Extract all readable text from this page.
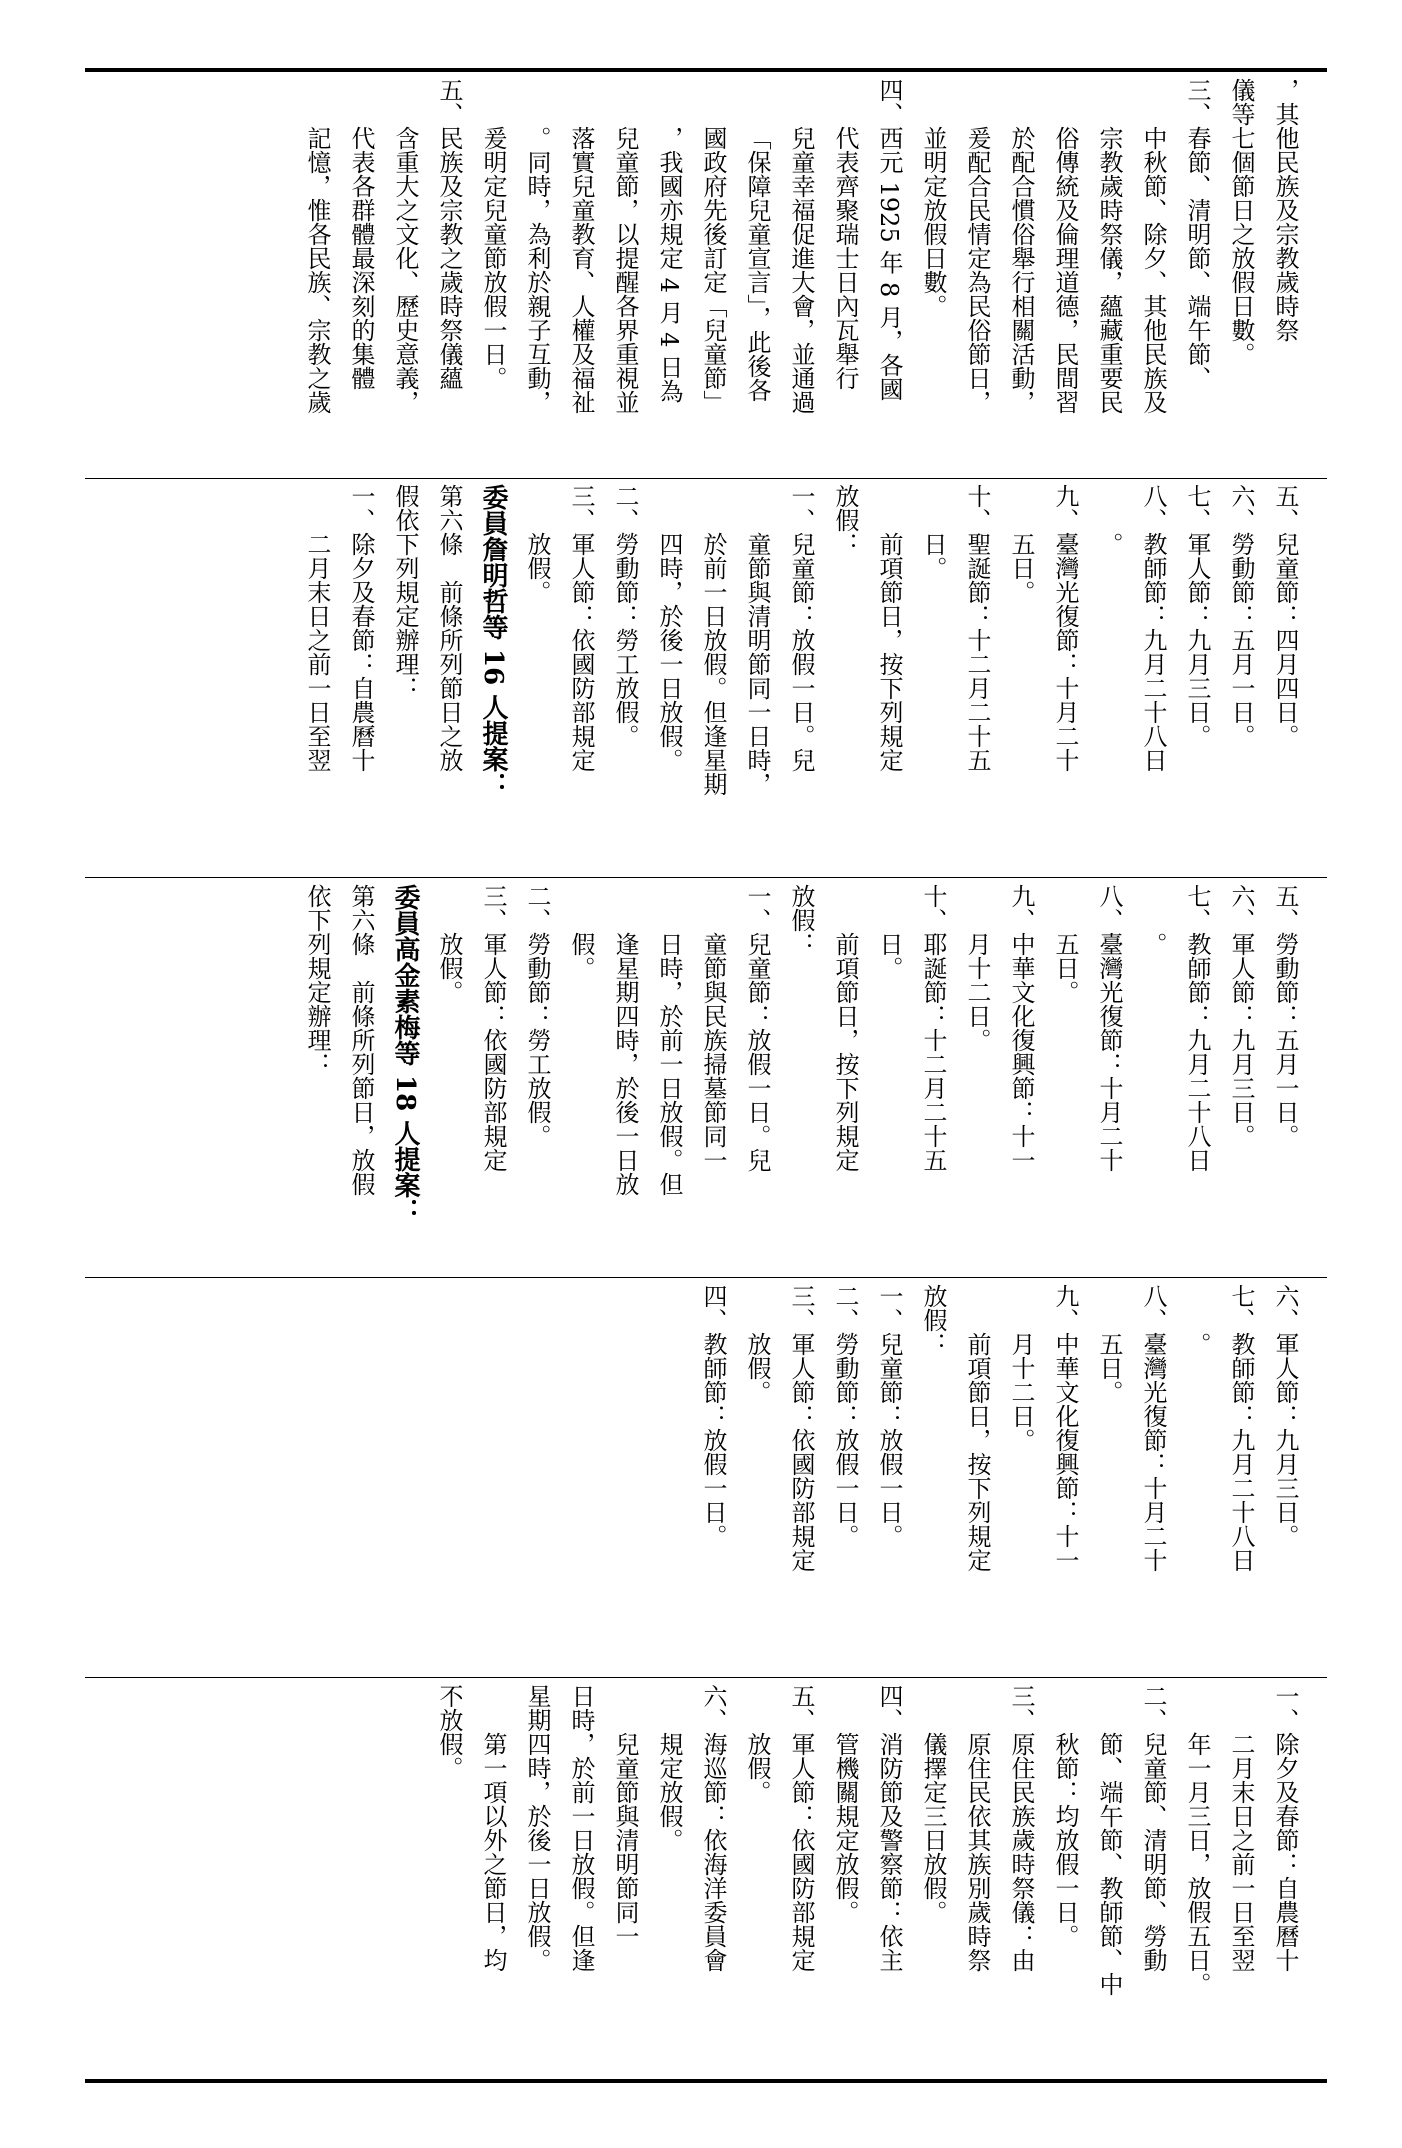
，其他民族及宗教歲時祭

儀等七個節日之放假日數。

三、春節、清明節、端午節、

中秋節、除夕、其他民族及

宗教歲時祭儀，蘊藏重要民

俗傳統及倫理道德，民間習

於配合慣俗舉行相關活動，

爰配合民情定為民俗節日，

並明定放假日數。

四、西元 1925 年 8 月，各國

代表齊聚瑞士日內瓦舉行

兒童幸福促進大會，並通過

「保障兒童宣言」，此後各

國政府先後訂定「兒童節」

，我國亦規定 4 月 4 日為

兒童節，以提醒各界重視並

落實兒童教育、人權及福祉

。同時，為利於親子互動，

爰明定兒童節放假一日。

五、民族及宗教之歲時祭儀蘊

含重大之文化、歷史意義，

代表各群體最深刻的集體

記憶，惟各民族、宗教之歲

五、兒童節：四月四日。

六、勞動節：五月一日。

七、軍人節：九月三日。

八、教師節：九月二十八日

。

九、臺灣光復節：十月二十

五日。

十、聖誕節：十二月二十五

日。

前項節日，按下列規定

放假：

一、兒童節：放假一日。兒

童節與清明節同一日時，

於前一日放假。但逢星期

四時，於後一日放假。

二、勞動節：勞工放假。

三、軍人節：依國防部規定

放假。

委員詹明哲等 16 人提案：

第六條　前條所列節日之放

假依下列規定辦理：

一、除夕及春節：自農曆十

二月末日之前一日至翌

五、勞動節：五月一日。

六、軍人節：九月三日。

七、教師節：九月二十八日

。

八、臺灣光復節：十月二十

五日。

九、中華文化復興節：十一

月十二日。

十、耶誕節：十二月二十五

日。

前項節日，按下列規定

放假：

一、兒童節：放假一日。兒

童節與民族掃墓節同一

日時，於前一日放假。但

逢星期四時，於後一日放

假。

二、勞動節：勞工放假。

三、軍人節：依國防部規定

放假。

委員高金素梅等 18 人提案：

第六條　前條所列節日，放假

依下列規定辦理：

六、軍人節：九月三日。

七、教師節：九月二十八日

。

八、臺灣光復節：十月二十

五日。

九、中華文化復興節：十一

月十二日。

前項節日，按下列規定

放假：

一、兒童節：放假一日。

二、勞動節：放假一日。

三、軍人節：依國防部規定

放假。

四、教師節：放假一日。

一、除夕及春節：自農曆十

二月末日之前一日至翌

年一月三日，放假五日。

二、兒童節、清明節、勞動

節、端午節、教師節、中

秋節：均放假一日。

三、原住民族歲時祭儀：由

原住民依其族別歲時祭

儀擇定三日放假。

四、消防節及警察節：依主

管機關規定放假。

五、軍人節：依國防部規定

放假。

六、海巡節：依海洋委員會

規定放假。

兒童節與清明節同一

日時，於前一日放假。但逢

星期四時，於後一日放假。

第一項以外之節日，均

不放假。
